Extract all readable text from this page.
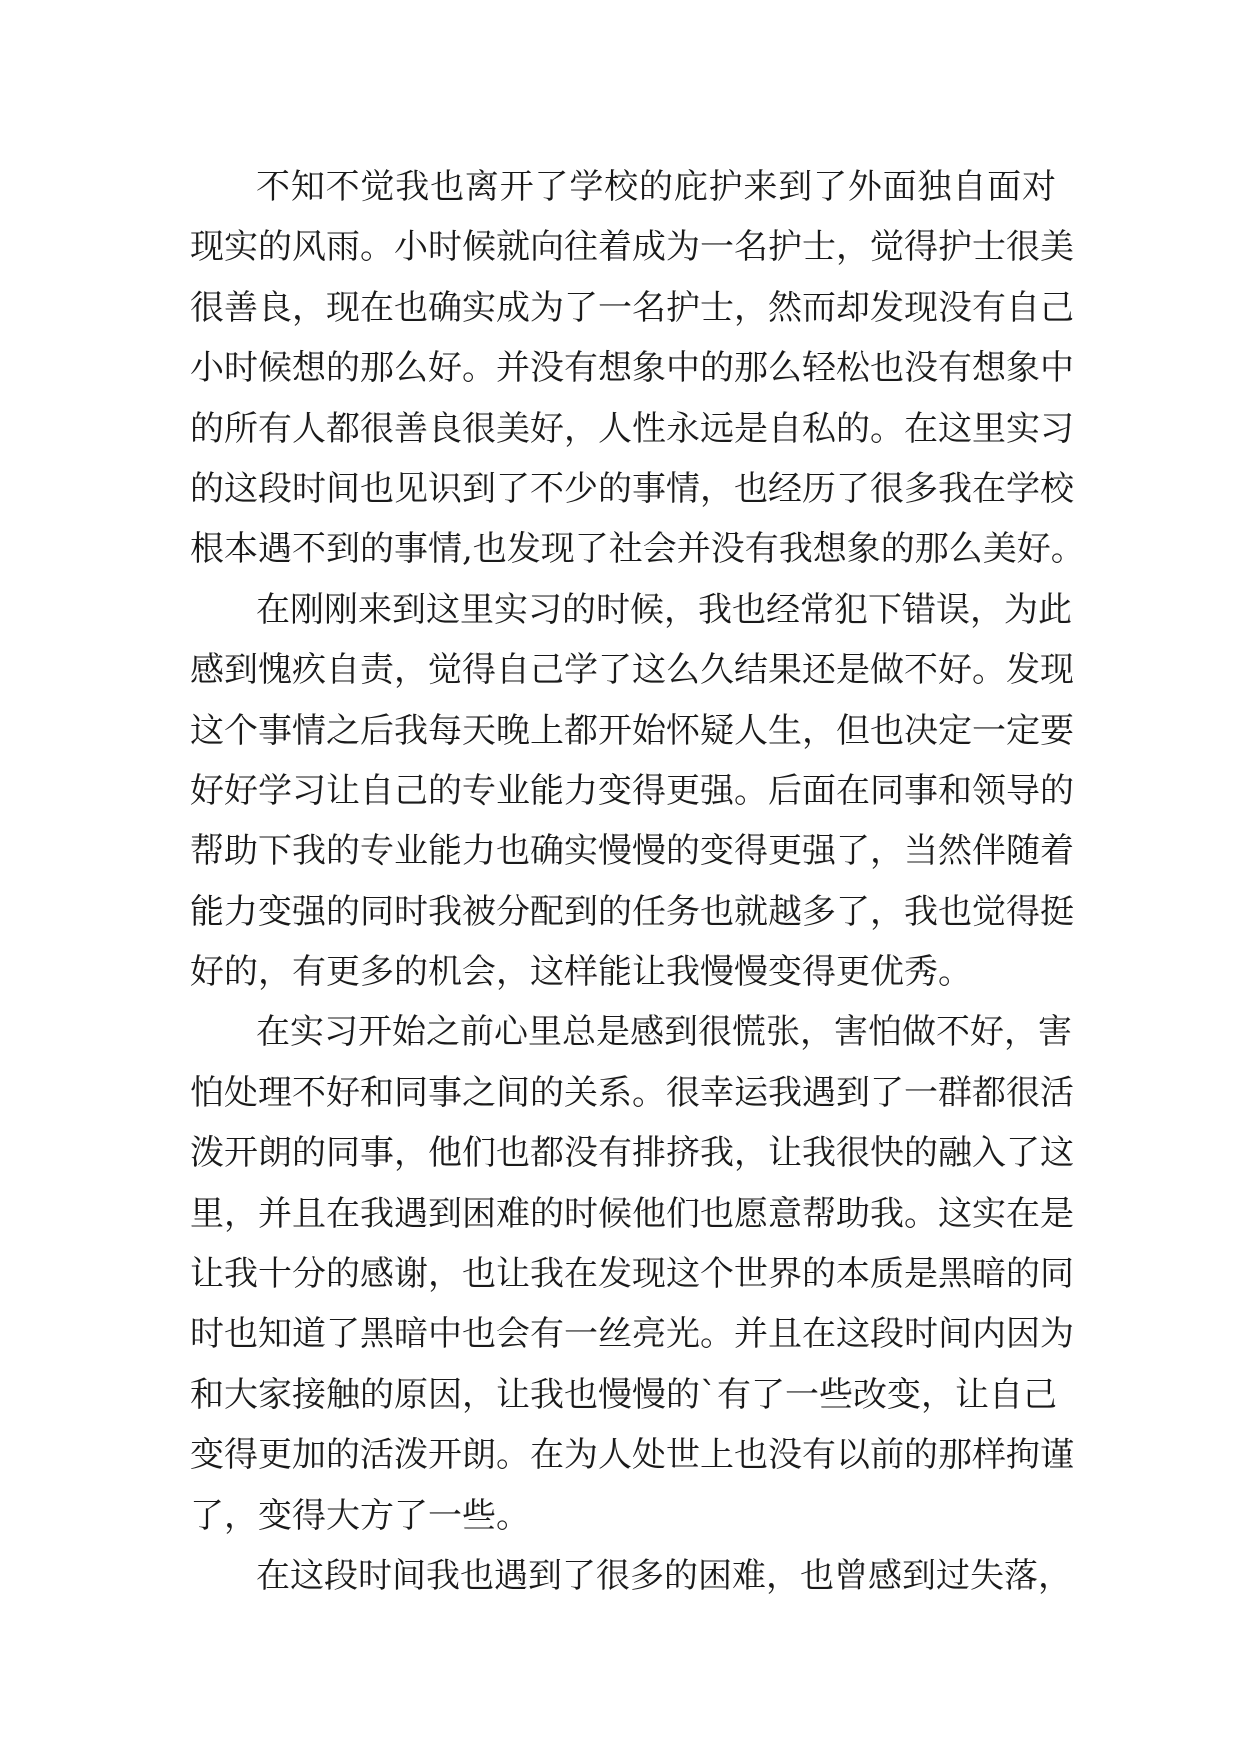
不知不觉我也离开了学校的庇护来到了外面独自面对
现实的风雨。小时候就向往着成为一名护士，觉得护士很美
很善良，现在也确实成为了一名护士，然而却发现没有自己
小时候想的那么好。并没有想象中的那么轻松也没有想象中
的所有人都很善良很美好，人性永远是自私的。在这里实习
的这段时间也见识到了不少的事情，也经历了很多我在学校
根本遇不到的事情,也发现了社会并没有我想象的那么美好。
在刚刚来到这里实习的时候，我也经常犯下错误，为此
感到愧疚自责，觉得自己学了这么久结果还是做不好。发现
这个事情之后我每天晚上都开始怀疑人生，但也决定一定要
好好学习让自己的专业能力变得更强。后面在同事和领导的
帮助下我的专业能力也确实慢慢的变得更强了，当然伴随着
能力变强的同时我被分配到的任务也就越多了，我也觉得挺
好的，有更多的机会，这样能让我慢慢变得更优秀。
在实习开始之前心里总是感到很慌张，害怕做不好，害
怕处理不好和同事之间的关系。很幸运我遇到了一群都很活
泼开朗的同事，他们也都没有排挤我，让我很快的融入了这
里，并且在我遇到困难的时候他们也愿意帮助我。这实在是
让我十分的感谢，也让我在发现这个世界的本质是黑暗的同
时也知道了黑暗中也会有一丝亮光。并且在这段时间内因为
和大家接触的原因，让我也慢慢的`有了一些改变，让自己
变得更加的活泼开朗。在为人处世上也没有以前的那样拘谨
了，变得大方了一些。
在这段时间我也遇到了很多的困难，也曾感到过失落，
